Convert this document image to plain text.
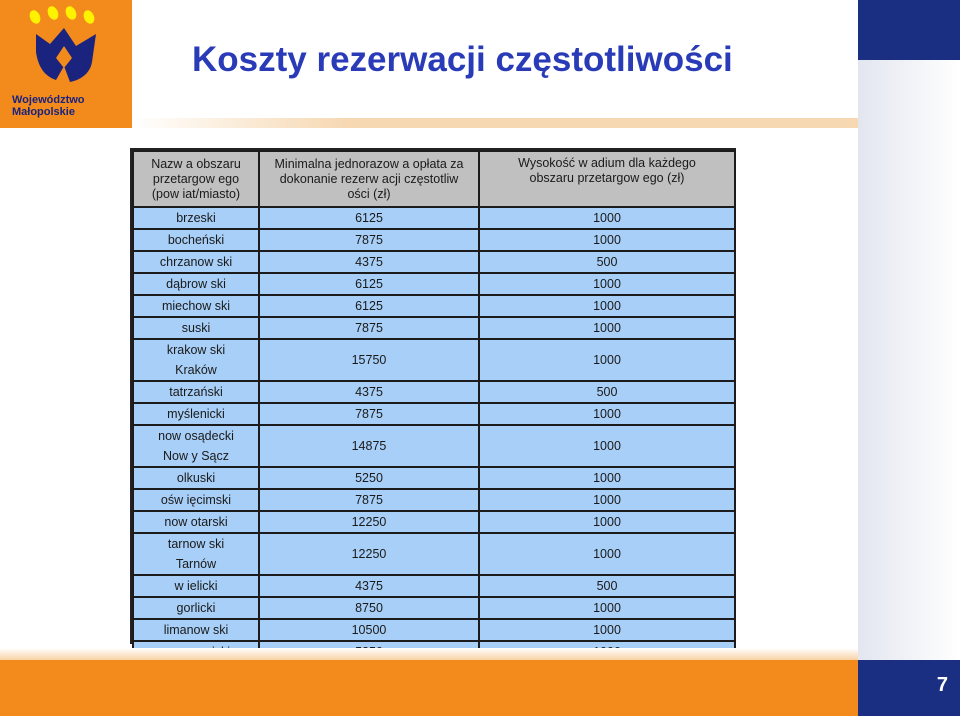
Województwo
Małopolskie
Koszty rezerwacji częstotliwości
Nazw a obszaru przetargow ego (pow iat/miasto)	Minimalna jednorazow a opłata za dokonanie rezerw acji częstotliw ości (zł)	Wysokość w adium dla każdego obszaru przetargow ego (zł)

brzeski	6125	1000

bocheński	7875	1000

chrzanow ski	4375	500

dąbrow ski	6125	1000

miechow ski	6125	1000

suski	7875	1000

krakow ski
Kraków	15750	1000

tatrzański	4375	500

myślenicki	7875	1000

now osądecki
Now y Sącz	14875	1000

olkuski	5250	1000

ośw ięcimski	7875	1000

now otarski	12250	1000

tarnow ski
Tarnów	12250	1000

w ielicki	4375	500

gorlicki	8750	1000

limanow ski	10500	1000

7
